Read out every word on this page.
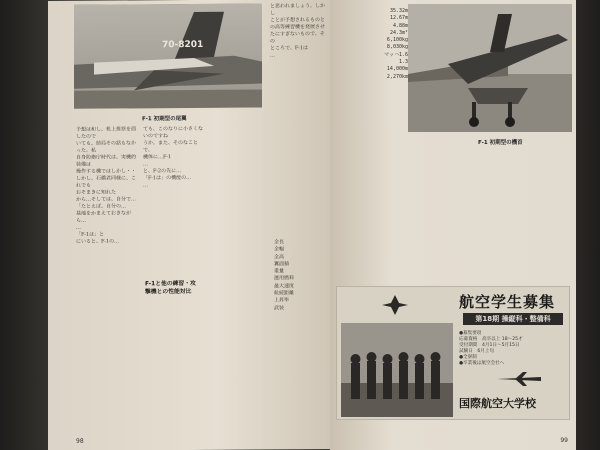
70-8201
F-1 初期型の尾翼
予想は和し、机上推察を面したので
いても、結局その話もなかった。私
自身防衛庁時代は、実機的装備は
操作する機ではしかし・・
しかし、石橋君同様に、これでも
おそまきに知れた
から…そしては、自分で…
「たとえば、自分の…
基地をかまえておきながら…
…
「F-1は」と
にいると、F-1の…
ても、このなりに小さくないのですね
うか。また、そのなことで、
機体に…F-1
…
と、F-2の先に…
「F-1は」の機能の…
…
F-1と他の練習・攻
撃機との性能対比
と思われましょう。しかし
ことが予想されるものと
の高等練習機を発展させ
たにすぎないもので、その
ところで、F-1は
…
全長
全幅
全高
翼面積
重量
運用燃料
最大速度
航続距離
上昇率
武装
98
F-1 初期型の機首
35.32m
12.67m
4.88m
24.3m²
6,100kg
8,030kg
マッハ1.6
1.3
14,000m
2,270km
航空学生募集
第18期 操縦科・整備科
●募集要項
応募資格　高卒以上 18〜25才
受付期間　4月1日〜5月15日
試験日　6月上旬
●全寮制
●卒業後は航空会社へ
国際航空大学校
99
